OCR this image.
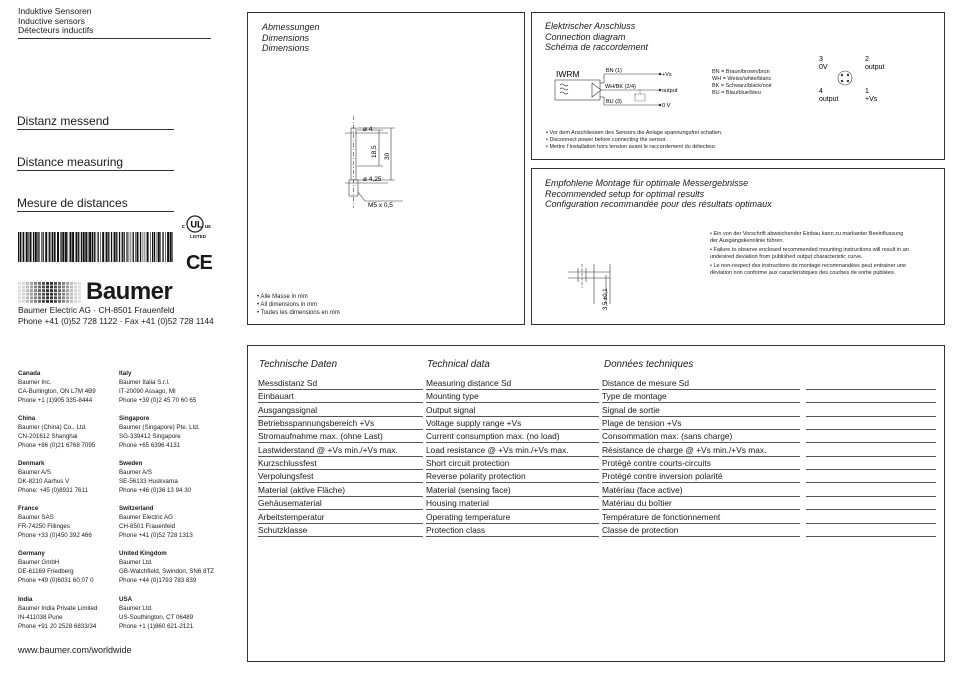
Induktive Sensoren
Inductive sensors
Détecteurs inductifs
Distanz messend
Distance measuring
Mesure de distances
c UL us
LISTED
CE
Baumer
Baumer Electric AG · CH-8501 Frauenfeld
Phone +41 (0)52 728 1122 · Fax +41 (0)52 728 1144
Canada
Baumer Inc.
CA-Burlington, ON L7M 4B9
Phone +1 (1)905 335-8444
Italy
Baumer Italia S.r.l.
IT-20090 Assago, MI
Phone +39 (0)2 45 70 60 65
China
Baumer (China) Co., Ltd.
CN-201612 Shanghai
Phone +86 (0)21 6768 7095
Singapore
Baumer (Singapore) Pte. Ltd.
SG-339412 Singapore
Phone +65 6396 4131
Denmark
Baumer A/S
DK-8210 Aarhus V
Phone: +45 (0)8931 7611
Sweden
Baumer A/S
SE-56133 Huskvarna
Phone +46 (0)36 13 94 30
France
Baumer SAS
FR-74250 Fillinges
Phone +33 (0)450 392 466
Switzerland
Baumer Electric AG
CH-8501 Frauenfeld
Phone +41 (0)52 728 1313
Germany
Baumer GmbH
DE-61169 Friedberg
Phone +49 (0)6031 60 07 0
United Kingdom
Baumer Ltd.
GB-Watchfield, Swindon, SN6 8TZ
Phone +44 (0)1793 783 839
India
Baumer India Private Limited
IN-411038 Pune
Phone +91 20 2528 6833/34
USA
Baumer Ltd.
US-Southington, CT 06489
Phone +1 (1)860 621-2121
www.baumer.com/worldwide
Abmessungen
Dimensions
Dimensions
ø 4
18,5 30
ø 4,25
M5 x 0,5
• Alle Masse in mm
• All dimensions in mm
• Toutes les dimensions en mm
Elektrischer Anschluss
Connection diagram
Schéma de raccordement
IWRM	BN (1)
WH/BK (2/4)
BU (3)
+Vs
output
0 V
BN = Braun/brown/brun
WH = Weiss/white/blanc
BK = Schwarz/black/noir
BU = Blau/blue/bleu
3
0V
2
output
4
output
1
+Vs
• Vor dem Anschliessen des Sensors die Anlage spannungsfrei schalten.
• Disconnect power before connecting the sensor.
• Mettre l´installation hors tension avant le raccordement du détecteur.
Empfohlene Montage für optimale Messergebnisse
Recommended setup for optimal results
Configuration recommandée pour des résultats optimaux
3,5 ±0,1
• Ein von der Vorschrift abweichender Einbau kann zu markanter Beeinflussung der Ausgangskennlinie führen.
• Failure to observe enclosed recommended mounting instructions will result in an undesired deviation from published output characteristic curve.
• Le non-respect des instructions de montage recommandées peut entrainer une déviation non conforme aux caractéristiques des courbes de sortie publiées.
Technische Daten	Technical data	Données techniques
Messdistanz Sd	Measuring distance Sd	Distance de mesure Sd
Einbauart	Mounting type	Type de montage
Ausgangssignal	Output signal	Signal de sortie
Betriebsspannungsbereich +Vs	Voltage supply range +Vs	Plage de tension +Vs
Stromaufnahme max. (ohne Last)	Current consumption max. (no load)	Consommation max. (sans charge)
Lastwiderstand @ +Vs min./+Vs max.	Load resistance @ +Vs min./+Vs max.	Résistance de charge @ +Vs min./+Vs max.
Kurzschlussfest	Short circuit protection	Protégé contre courts-circuits
Verpolungsfest	Reverse polarity protection	Protégé contre inversion polarité
Material (aktive Fläche)	Material (sensing face)	Matériau (face active)
Gehäusematerial	Housing material	Matériau du boîtier
Arbeitstemperatur	Operating temperature	Température de fonctionnement
Schutzklasse	Protection class	Classe de protection
